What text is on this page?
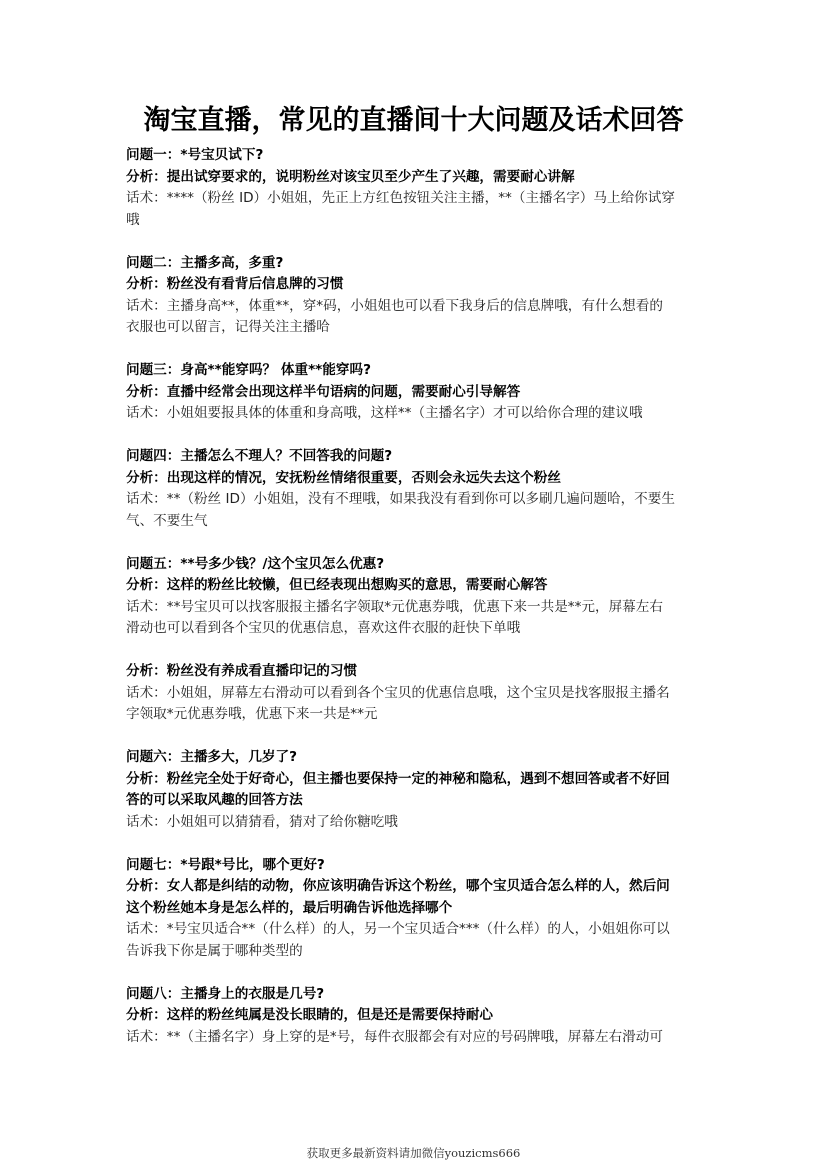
淘宝直播，常见的直播间十大问题及话术回答
问题一：*号宝贝试下?
分析：提出试穿要求的，说明粉丝对该宝贝至少产生了兴趣，需要耐心讲解
话术：****（粉丝 ID）小姐姐，先正上方红色按钮关注主播，**（主播名字）马上给你试穿
哦
问题二：主播多高，多重?
分析：粉丝没有看背后信息牌的习惯
话术：主播身高**，体重**，穿*码，小姐姐也可以看下我身后的信息牌哦，有什么想看的
衣服也可以留言，记得关注主播哈
问题三：身高**能穿吗？ 体重**能穿吗?
分析：直播中经常会出现这样半句语病的问题，需要耐心引导解答
话术：小姐姐要报具体的体重和身高哦，这样**（主播名字）才可以给你合理的建议哦
问题四：主播怎么不理人？不回答我的问题?
分析：出现这样的情况，安抚粉丝情绪很重要，否则会永远失去这个粉丝
话术：**（粉丝 ID）小姐姐，没有不理哦，如果我没有看到你可以多刷几遍问题哈，不要生
气、不要生气
问题五：**号多少钱？/这个宝贝怎么优惠?
分析：这样的粉丝比较懒，但已经表现出想购买的意思，需要耐心解答
话术：**号宝贝可以找客服报主播名字领取*元优惠券哦，优惠下来一共是**元，屏幕左右
滑动也可以看到各个宝贝的优惠信息，喜欢这件衣服的赶快下单哦
分析：粉丝没有养成看直播印记的习惯
话术：小姐姐，屏幕左右滑动可以看到各个宝贝的优惠信息哦，这个宝贝是找客服报主播名
字领取*元优惠券哦，优惠下来一共是**元
问题六：主播多大，几岁了?
分析：粉丝完全处于好奇心，但主播也要保持一定的神秘和隐私，遇到不想回答或者不好回
答的可以采取风趣的回答方法
话术：小姐姐可以猜猜看，猜对了给你糖吃哦
问题七：*号跟*号比，哪个更好?
分析：女人都是纠结的动物，你应该明确告诉这个粉丝，哪个宝贝适合怎么样的人，然后问
这个粉丝她本身是怎么样的，最后明确告诉他选择哪个
话术：*号宝贝适合**（什么样）的人，另一个宝贝适合***（什么样）的人，小姐姐你可以
告诉我下你是属于哪种类型的
问题八：主播身上的衣服是几号?
分析：这样的粉丝纯属是没长眼睛的，但是还是需要保持耐心
话术：**（主播名字）身上穿的是*号，每件衣服都会有对应的号码牌哦，屏幕左右滑动可
获取更多最新资料请加微信youzicms666
